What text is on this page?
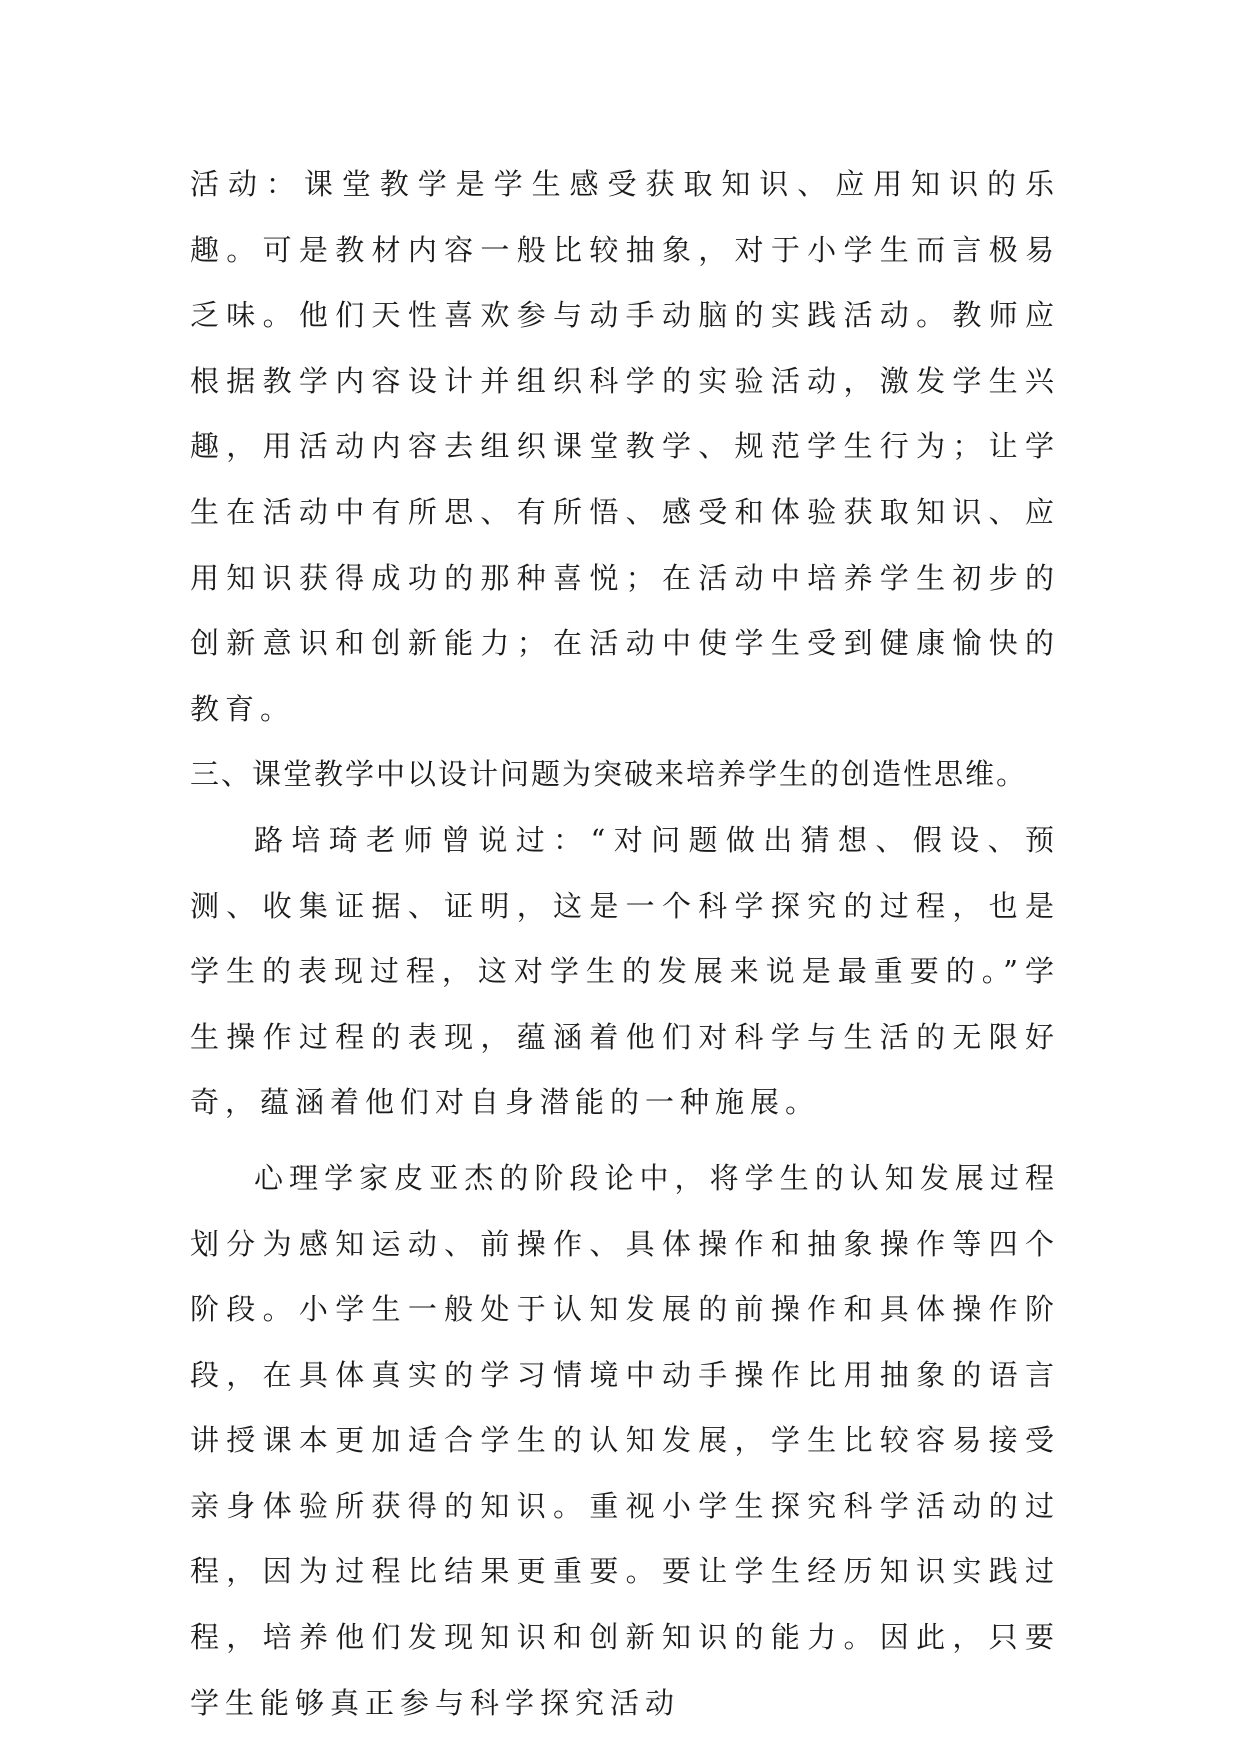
活动：课堂教学是学生感受获取知识、应用知识的乐趣。可是教材内容一般比较抽象，对于小学生而言极易乏味。他们天性喜欢参与动手动脑的实践活动。教师应根据教学内容设计并组织科学的实验活动，激发学生兴趣，用活动内容去组织课堂教学、规范学生行为；让学生在活动中有所思、有所悟、感受和体验获取知识、应用知识获得成功的那种喜悦；在活动中培养学生初步的创新意识和创新能力；在活动中使学生受到健康愉快的教育。

三、课堂教学中以设计问题为突破来培养学生的创造性思维。

路培琦老师曾说过：“对问题做出猜想、假设、预测、收集证据、证明，这是一个科学探究的过程，也是学生的表现过程，这对学生的发展来说是最重要的。”学生操作过程的表现，蕴涵着他们对科学与生活的无限好奇，蕴涵着他们对自身潜能的一种施展。

心理学家皮亚杰的阶段论中，将学生的认知发展过程划分为感知运动、前操作、具体操作和抽象操作等四个阶段。小学生一般处于认知发展的前操作和具体操作阶段，在具体真实的学习情境中动手操作比用抽象的语言讲授课本更加适合学生的认知发展，学生比较容易接受亲身体验所获得的知识。重视小学生探究科学活动的过程，因为过程比结果更重要。要让学生经历知识实践过程，培养他们发现知识和创新知识的能力。因此，只要学生能够真正参与科学探究活动
